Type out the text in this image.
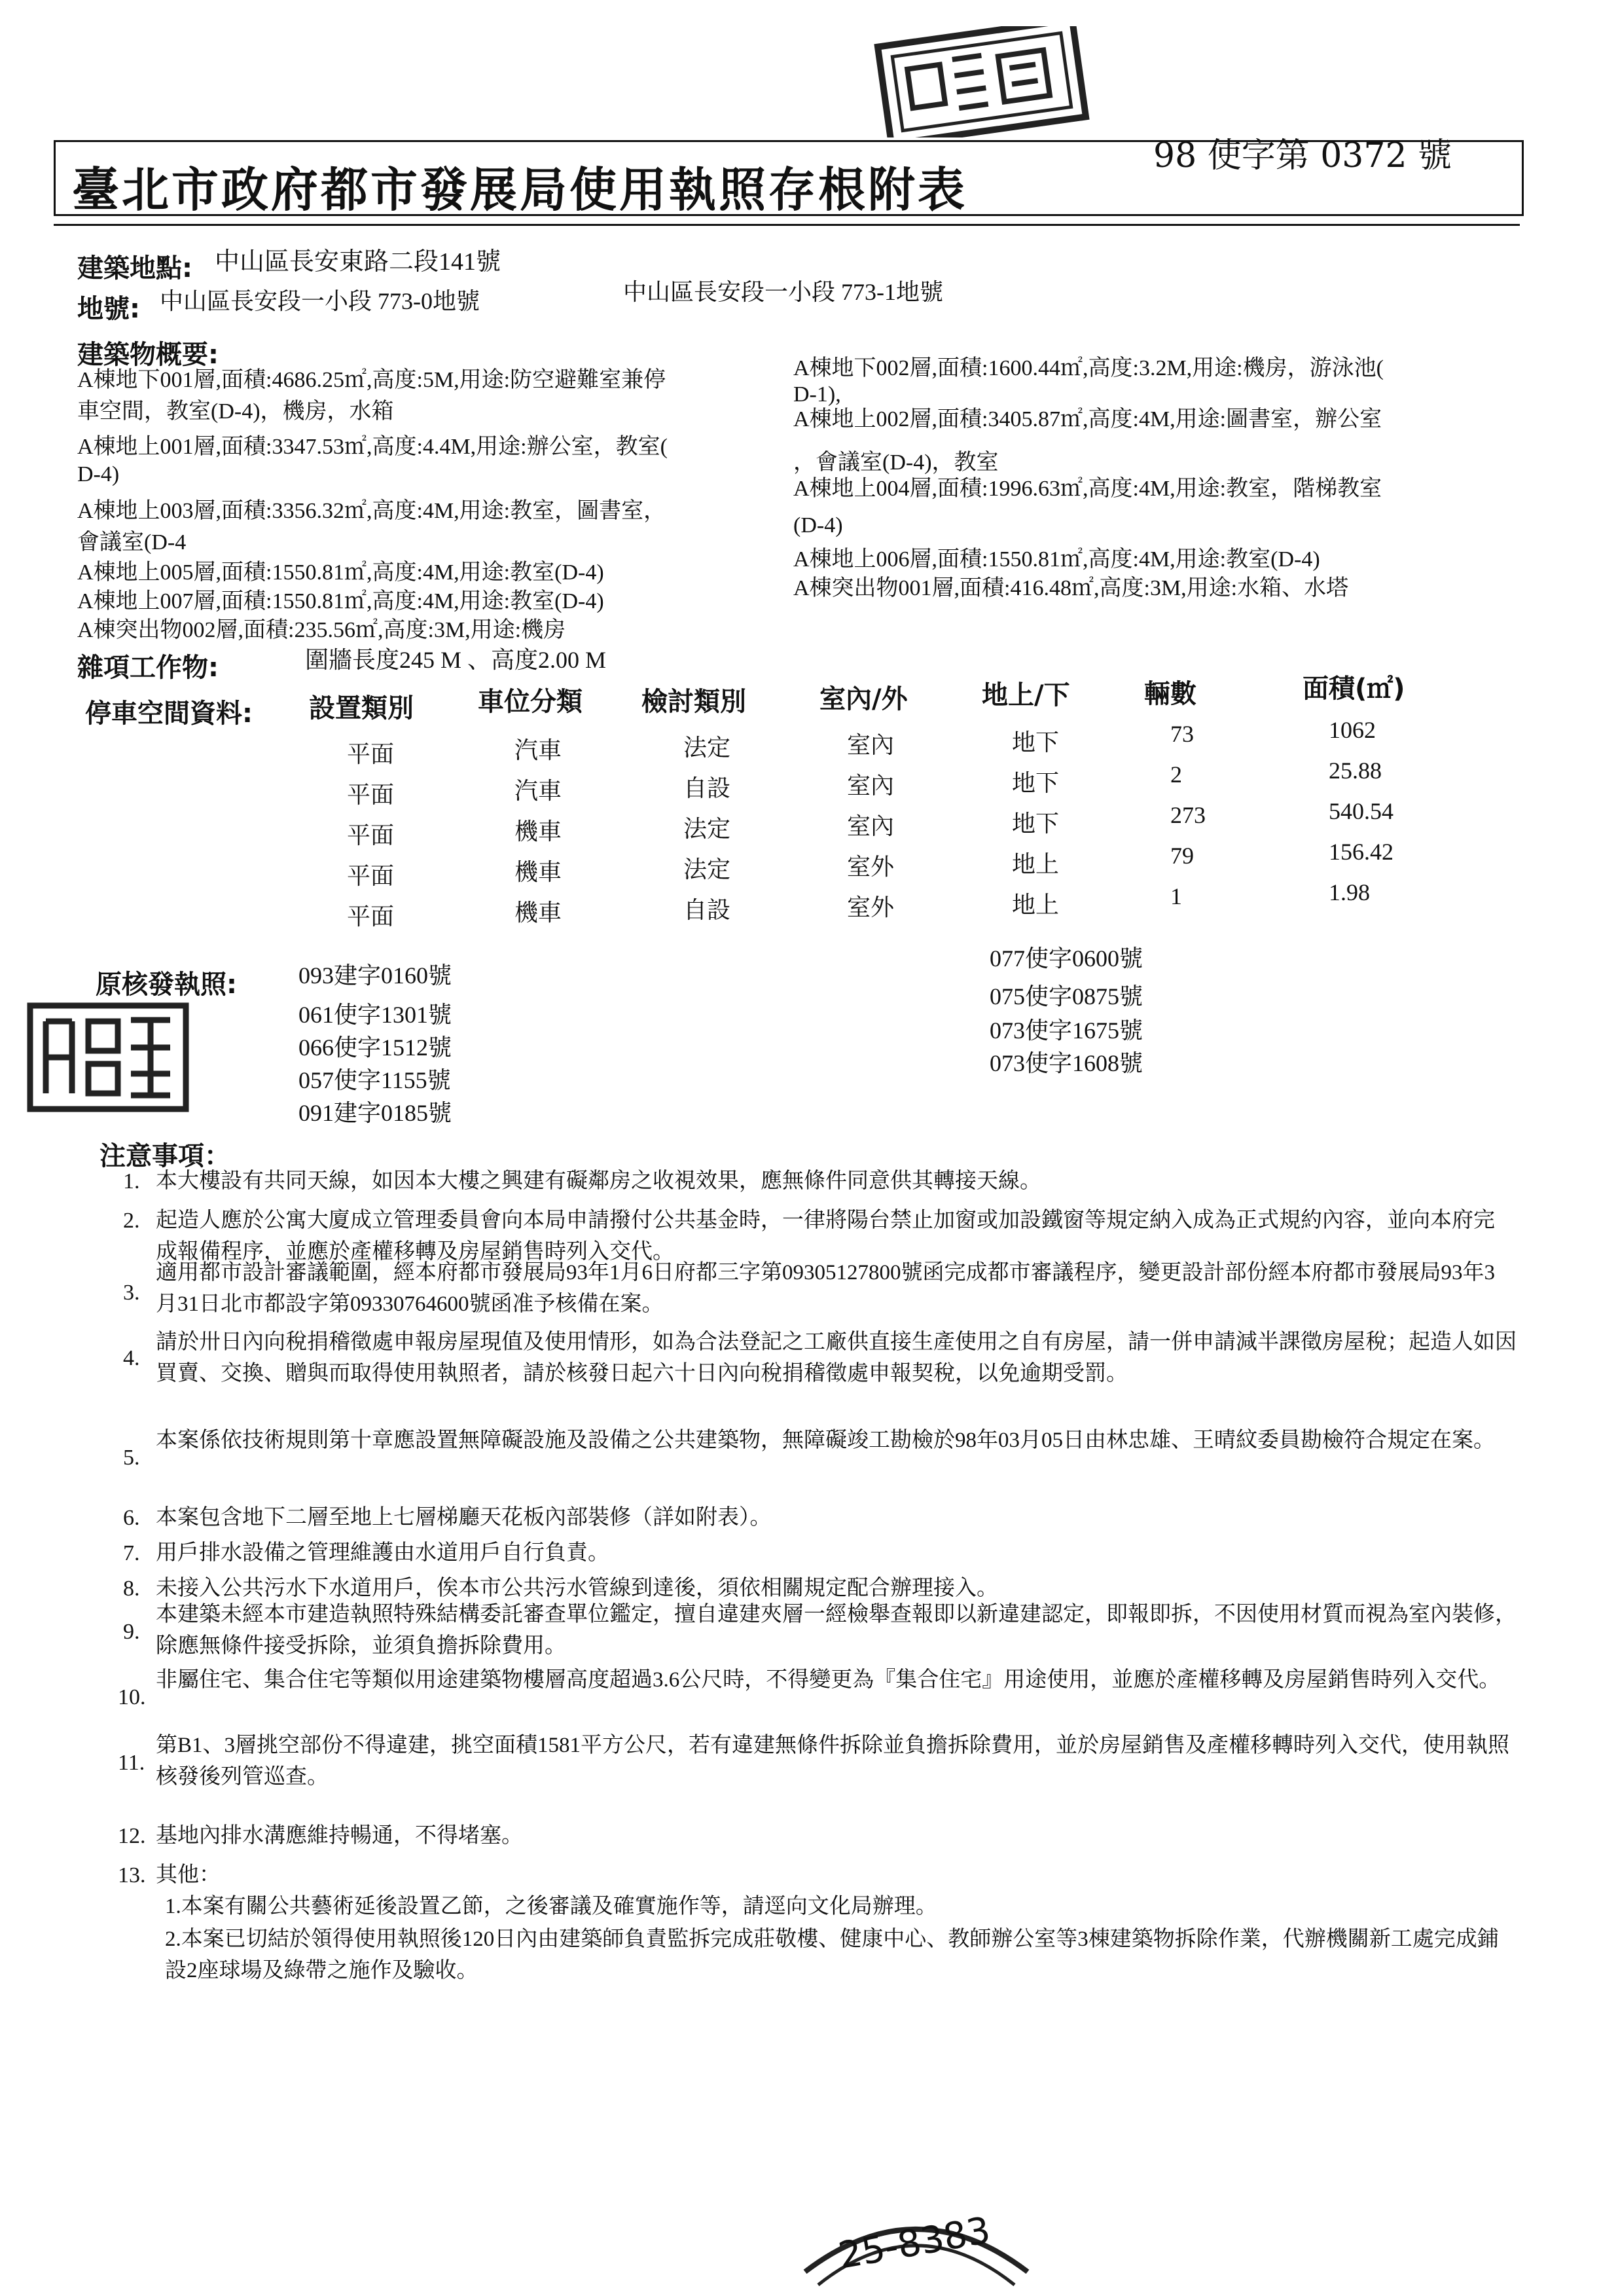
臺北市政府都市發展局使用執照存根附表
98 使字第 0372 號
建築地點: 中山區長安東路二段141號
地號: 中山區長安段一小段 773-0地號	中山區長安段一小段 773-1地號
建築物概要:
A棟地下001層,面積:4686.25㎡,高度:5M,用途:防空避難室兼停
車空間，教室(D-4)，機房，水箱
A棟地上001層,面積:3347.53㎡,高度:4.4M,用途:辦公室，教室(
D-4)
A棟地上003層,面積:3356.32㎡,高度:4M,用途:教室，圖書室，
會議室(D-4
A棟地上005層,面積:1550.81㎡,高度:4M,用途:教室(D-4)
A棟地上007層,面積:1550.81㎡,高度:4M,用途:教室(D-4)
A棟突出物002層,面積:235.56㎡,高度:3M,用途:機房
A棟地下002層,面積:1600.44㎡,高度:3.2M,用途:機房，游泳池(
D-1),
A棟地上002層,面積:3405.87㎡,高度:4M,用途:圖書室，辦公室
，會議室(D-4)，教室
A棟地上004層,面積:1996.63㎡,高度:4M,用途:教室，階梯教室
(D-4)
A棟地上006層,面積:1550.81㎡,高度:4M,用途:教室(D-4)
A棟突出物001層,面積:416.48㎡,高度:3M,用途:水箱、水塔
雜項工作物:	圍牆長度245 M 、高度2.00 M
停車空間資料: 設置類別 車位分類 檢討類別	室內/外	地上/下	輛數	面積(㎡)
平面	汽車	法定	室內	地下	73	1062
平面	汽車	自設	室內	地下	2	25.88
平面	機車	法定	室內	地下	273	540.54
平面	機車	法定	室外	地上	79	156.42
平面	機車	自設	室外	地上	1	1.98
原核發執照:	093建字0160號
061使字1301號
066使字1512號
057使字1155號
091建字0185號
077使字0600號
075使字0875號
073使字1675號
073使字1608號
注意事項：
1. 本大樓設有共同天線，如因本大樓之興建有礙鄰房之收視效果，應無條件同意供其轉接天線。
2. 起造人應於公寓大廈成立管理委員會向本局申請撥付公共基金時，一律將陽台禁止加窗或加設鐵窗等規定納入成為正式規約內容，並向本府完成報備程序，並應於產權移轉及房屋銷售時列入交代。
3.
適用都市設計審議範圍，經本府都市發展局93年1月6日府都三字第09305127800號函完成都市審議程序，變更設計部份經本府都市發展局93年3月31日北市都設字第09330764600號函准予核備在案。
4.
請於卅日內向稅捐稽徵處申報房屋現值及使用情形，如為合法登記之工廠供直接生產使用之自有房屋，請一併申請減半課徵房屋稅；起造人如因買賣、交換、贈與而取得使用執照者，請於核發日起六十日內向稅捐稽徵處申報契稅，以免逾期受罰。
5.
本案係依技術規則第十章應設置無障礙設施及設備之公共建築物，無障礙竣工勘檢於98年03月05日由林忠雄、王晴紋委員勘檢符合規定在案。
6. 本案包含地下二層至地上七層梯廳天花板內部裝修（詳如附表）。
7. 用戶排水設備之管理維護由水道用戶自行負責。
8. 未接入公共污水下水道用戶，俟本市公共污水管線到達後，須依相關規定配合辦理接入。
9.
本建築未經本市建造執照特殊結構委託審查單位鑑定，擅自違建夾層一經檢舉查報即以新違建認定，即報即拆，不因使用材質而視為室內裝修，除應無條件接受拆除，並須負擔拆除費用。
10.
非屬住宅、集合住宅等類似用途建築物樓層高度超過3.6公尺時，不得變更為『集合住宅』用途使用，並應於產權移轉及房屋銷售時列入交代。
11.
第B1、3層挑空部份不得違建，挑空面積1581平方公尺，若有違建無條件拆除並負擔拆除費用，並於房屋銷售及產權移轉時列入交代，使用執照核發後列管巡查。
12. 基地內排水溝應維持暢通，不得堵塞。
13. 其他：
1.本案有關公共藝術延後設置乙節，之後審議及確實施作等，請逕向文化局辦理。
2.本案已切結於領得使用執照後120日內由建築師負責監拆完成莊敬樓、健康中心、教師辦公室等3棟建築物拆除作業，代辦機關新工處完成鋪設2座球場及綠帶之施作及驗收。
25-8383
